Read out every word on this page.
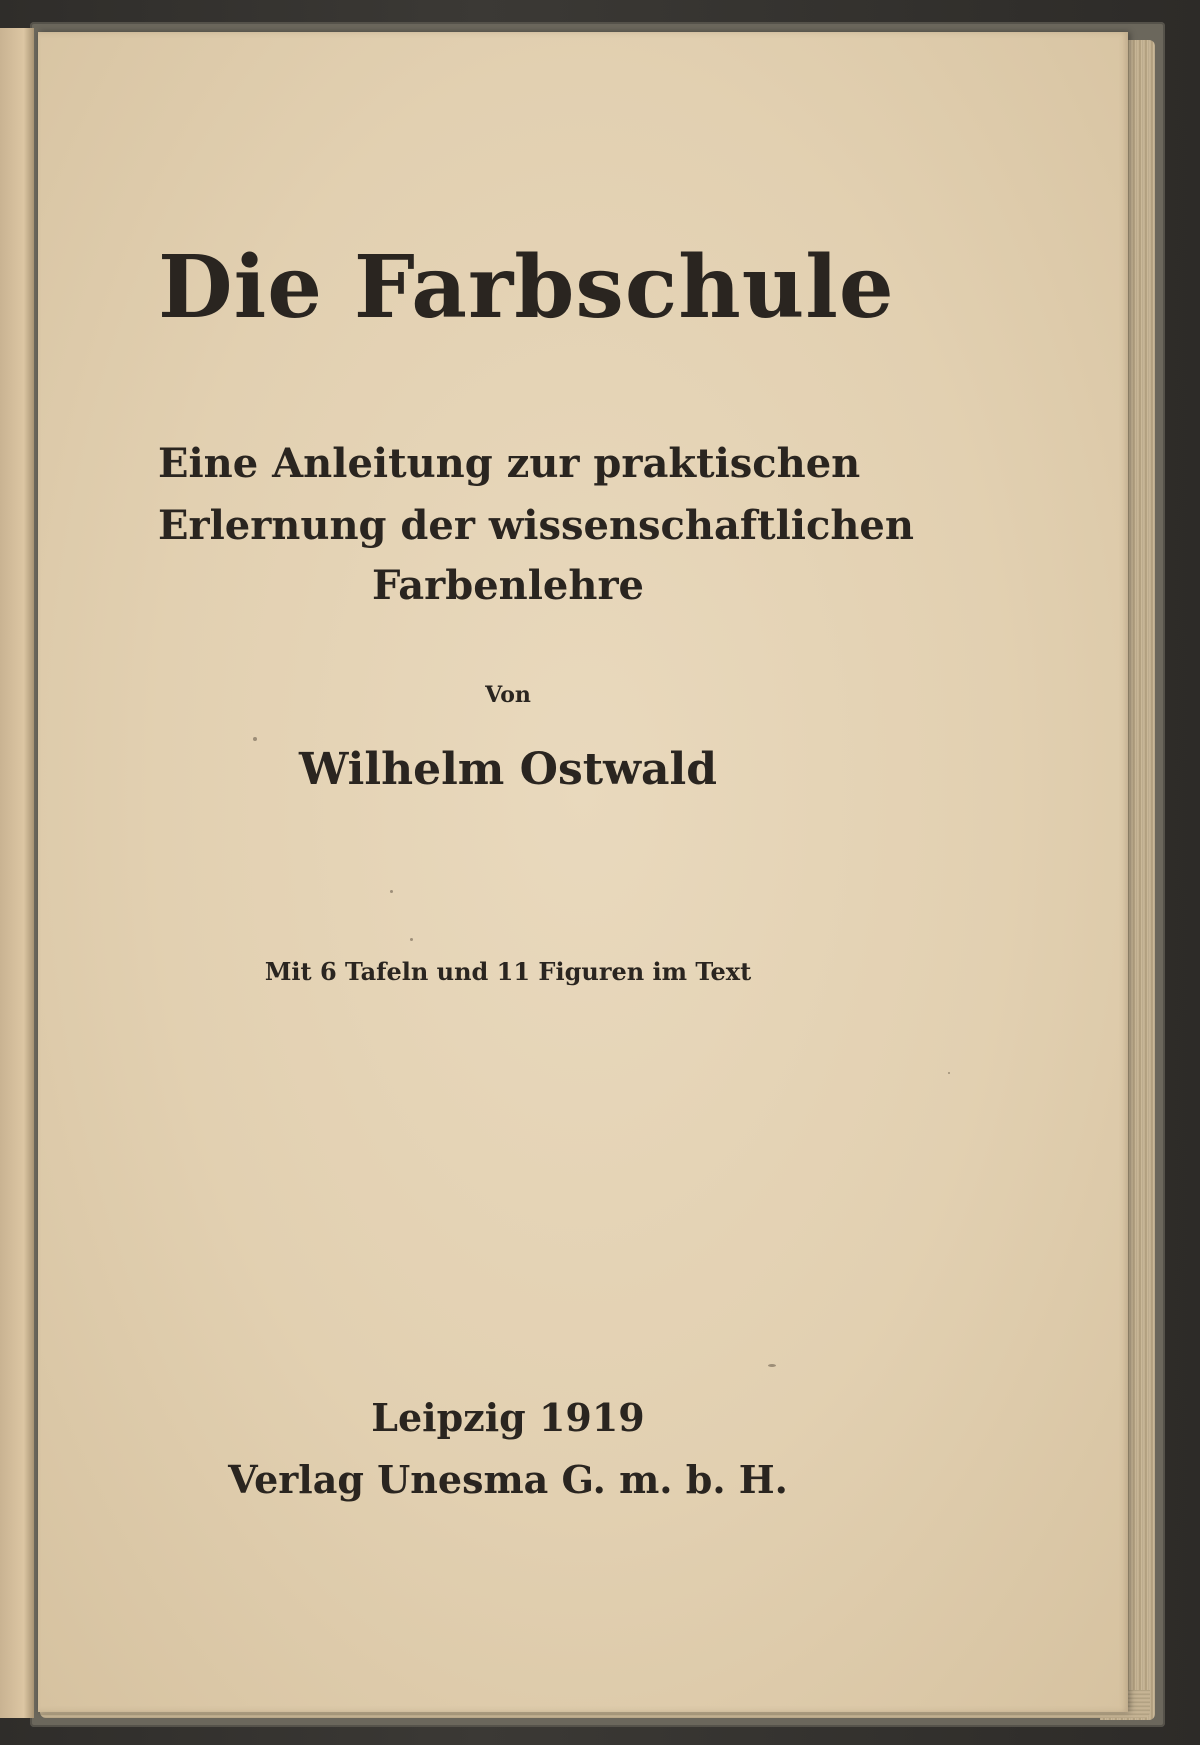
Die Farbschule
Eine Anleitung zur praktischen
Erlernung der wissenschaftlichen
Farbenlehre
Von
Wilhelm Ostwald
Mit 6 Tafeln und 11 Figuren im Text
Leipzig 1919
Verlag Unesma G. m. b. H.
